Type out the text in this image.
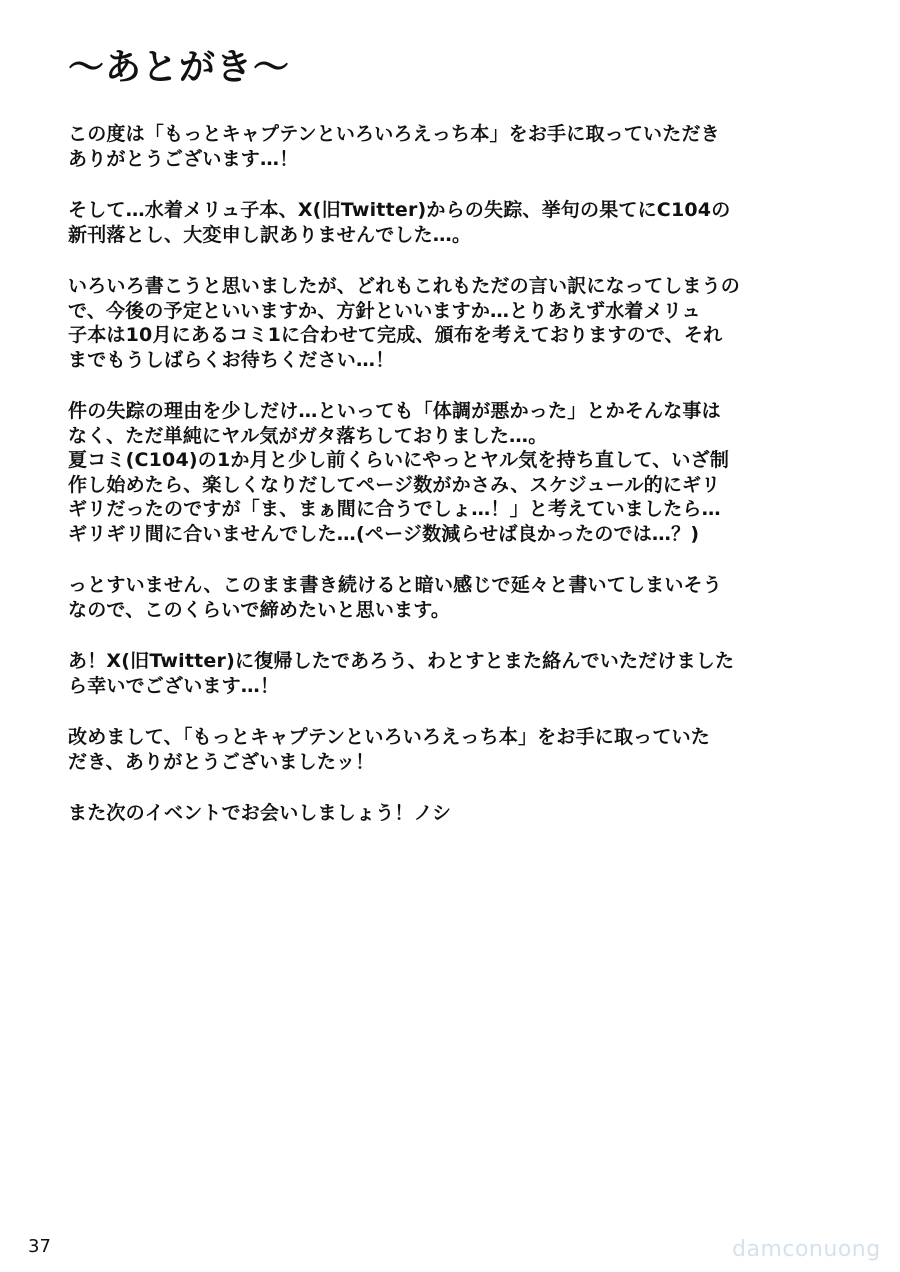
〜あとがき〜
この度は「もっとキャプテンといろいろえっち本」をお手に取っていただき
ありがとうございます…！
そして…水着メリュ子本、X(旧Twitter)からの失踪、挙句の果てにC104の
新刊落とし、大変申し訳ありませんでした…。
いろいろ書こうと思いましたが、どれもこれもただの言い訳になってしまうの
で、今後の予定といいますか、方針といいますか…とりあえず水着メリュ
子本は10月にあるコミ1に合わせて完成、頒布を考えておりますので、それ
までもうしばらくお待ちください…！
件の失踪の理由を少しだけ…といっても「体調が悪かった」とかそんな事は
なく、ただ単純にヤル気がガタ落ちしておりました…。
夏コミ(C104)の1か月と少し前くらいにやっとヤル気を持ち直して、いざ制
作し始めたら、楽しくなりだしてページ数がかさみ、スケジュール的にギリ
ギリだったのですが「ま、まぁ間に合うでしょ…！」と考えていましたら…
ギリギリ間に合いませんでした…(ページ数減らせば良かったのでは…？)
っとすいません、このまま書き続けると暗い感じで延々と書いてしまいそう
なので、このくらいで締めたいと思います。
あ！X(旧Twitter)に復帰したであろう、わとすとまた絡んでいただけました
ら幸いでございます…！
改めまして、「もっとキャプテンといろいろえっち本」をお手に取っていた
だき、ありがとうございましたッ！
また次のイベントでお会いしましょう！ノシ
37	damconuong
